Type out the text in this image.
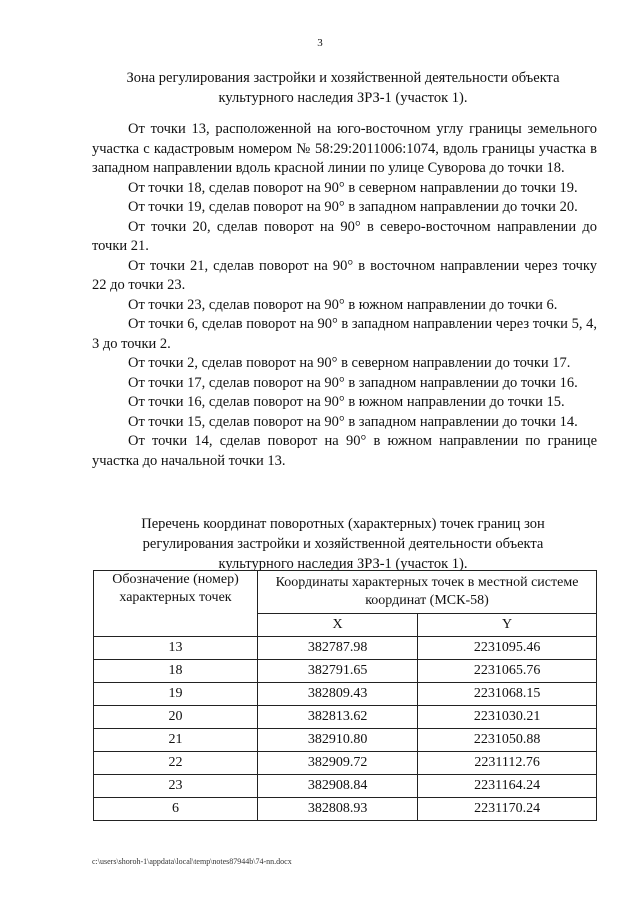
3
Зона регулирования застройки и хозяйственной деятельности объекта
культурного наследия ЗРЗ-1 (участок 1).

От точки 13, расположенной на юго-восточном углу границы земельного участка с кадастровым номером № 58:29:2011006:1074, вдоль границы участка в западном направлении вдоль красной линии по улице Суворова до точки 18.

От точки 18, сделав поворот на 90° в северном направлении до точки 19.

От точки 19, сделав поворот на 90° в западном направлении до точки 20.

От точки 20, сделав поворот на 90° в северо-восточном направлении до точки 21.

От точки 21, сделав поворот на 90° в восточном направлении через точку 22 до точки 23.

От точки 23, сделав поворот на 90° в южном направлении до точки 6.

От точки 6, сделав поворот на 90° в западном направлении через точки 5, 4, 3 до точки 2.

От точки 2, сделав поворот на 90° в северном направлении до точки 17.

От точки 17, сделав поворот на 90° в западном направлении до точки 16.

От точки 16, сделав поворот на 90° в южном направлении до точки 15.

От точки 15, сделав поворот на 90° в западном направлении до точки 14.

От точки 14, сделав поворот на 90° в южном направлении по границе участка до начальной точки 13.

Перечень координат поворотных (характерных) точек границ зон
регулирования застройки и хозяйственной деятельности объекта
культурного наследия ЗРЗ-1 (участок 1).
Обозначение (номер) характерных точек	Координаты характерных точек в местной системе координат (МСК-58)	
	X	Y
13	382787.98	2231095.46
18	382791.65	2231065.76
19	382809.43	2231068.15
20	382813.62	2231030.21
21	382910.80	2231050.88
22	382909.72	2231112.76
23	382908.84	2231164.24
6	382808.93	2231170.24
c:\users\shoroh-1\appdata\local\temp\notes87944b\74-nn.docx
